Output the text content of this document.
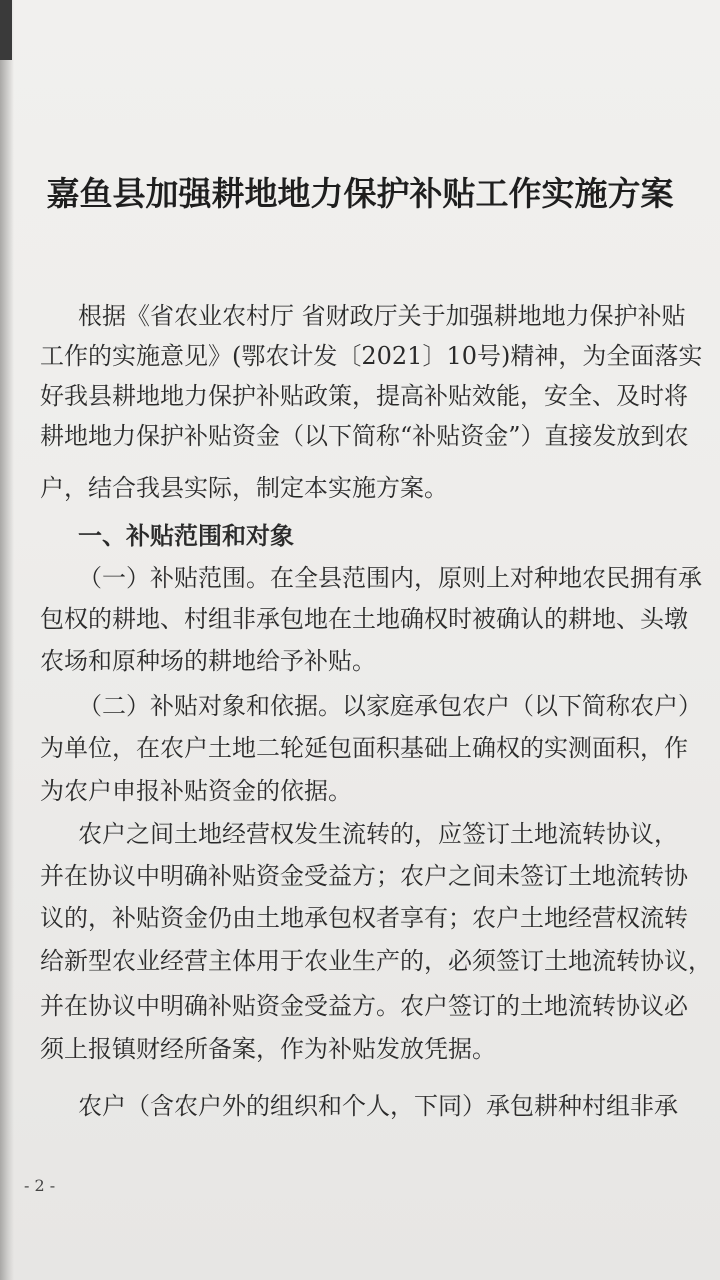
嘉鱼县加强耕地地力保护补贴工作实施方案
根据《省农业农村厅 省财政厅关于加强耕地地力保护补贴
工作的实施意见》(鄂农计发〔2021〕10号)精神，为全面落实
好我县耕地地力保护补贴政策，提高补贴效能，安全、及时将
耕地地力保护补贴资金（以下简称“补贴资金”）直接发放到农
户，结合我县实际，制定本实施方案。
一、补贴范围和对象
（一）补贴范围。在全县范围内，原则上对种地农民拥有承
包权的耕地、村组非承包地在土地确权时被确认的耕地、头墩
农场和原种场的耕地给予补贴。
（二）补贴对象和依据。以家庭承包农户（以下简称农户）
为单位，在农户土地二轮延包面积基础上确权的实测面积，作
为农户申报补贴资金的依据。
农户之间土地经营权发生流转的，应签订土地流转协议，
并在协议中明确补贴资金受益方；农户之间未签订土地流转协
议的，补贴资金仍由土地承包权者享有；农户土地经营权流转
给新型农业经营主体用于农业生产的，必须签订土地流转协议，
并在协议中明确补贴资金受益方。农户签订的土地流转协议必
须上报镇财经所备案，作为补贴发放凭据。
农户（含农户外的组织和个人，下同）承包耕种村组非承
- 2 -
